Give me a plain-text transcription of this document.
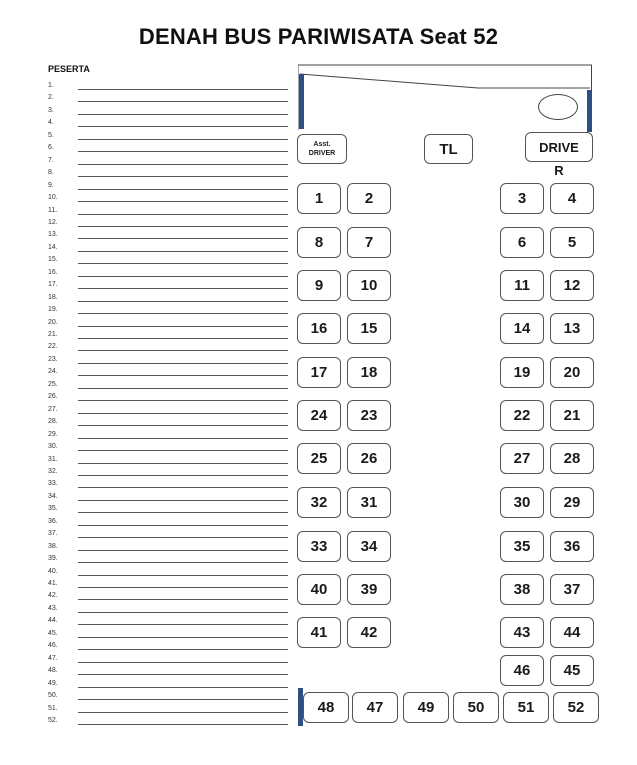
DENAH BUS PARIWISATA Seat 52
PESERTA
1.
2.
3.
4.
5.
6.
7.
8.
9.
10.
11.
12.
13.
14.
15.
16.
17.
18.
19.
20.
21.
22.
23.
24.
25.
26.
27.
28.
29.
30.
31.
32.
33.
34.
35.
36.
37.
38.
39.
40.
41.
42.
43.
44.
45.
46.
47.
48.
49.
50.
51.
52.
Asst.
DRIVER	TL	DRIVE
R
1	2	3	4
8	7	6	5
9	10	11	12
16	15	14	13
17	18	19	20
24	23	22	21
25	26	27	28
32	31	30	29
33	34	35	36
40	39	38	37
41	42	43	44
46	45
48	47	49	50	51	52
